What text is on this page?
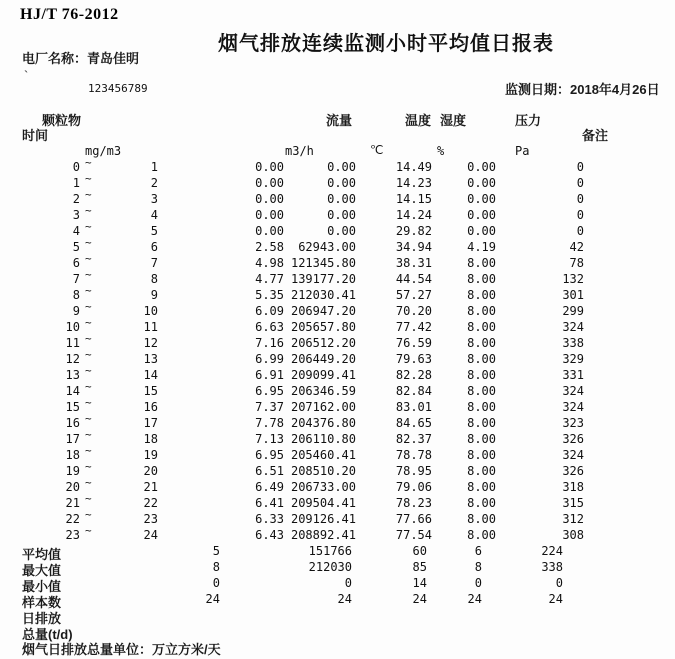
HJ/T 76-2012
烟气排放连续监测小时平均值日报表
电厂名称：青岛佳明
`
123456789	监测日期：2018年4月26日
颗粒物	流量	温度 湿度	压力
时间	备注
mg/m3	m3/h	℃	%	Pa
0 ~	1	0.00	0.00	14.49	0.00	0
1 ~	2	0.00	0.00	14.23	0.00	0
2 ~	3	0.00	0.00	14.15	0.00	0
3 ~	4	0.00	0.00	14.24	0.00	0
4 ~	5	0.00	0.00	29.82	0.00	0
5 ~	6	2.58	62943.00	34.94	4.19	42
6 ~	7	4.98 121345.80	38.31	8.00	78
7 ~	8	4.77 139177.20	44.54	8.00	132
8 ~	9	5.35 212030.41	57.27	8.00	301
9 ~	10	6.09 206947.20	70.20	8.00	299
10 ~	11	6.63 205657.80	77.42	8.00	324
11 ~	12	7.16 206512.20	76.59	8.00	338
12 ~	13	6.99 206449.20	79.63	8.00	329
13 ~	14	6.91 209099.41	82.28	8.00	331
14 ~	15	6.95 206346.59	82.84	8.00	324
15 ~	16	7.37 207162.00	83.01	8.00	324
16 ~	17	7.78 204376.80	84.65	8.00	323
17 ~	18	7.13 206110.80	82.37	8.00	326
18 ~	19	6.95 205460.41	78.78	8.00	324
19 ~	20	6.51 208510.20	78.95	8.00	326
20 ~	21	6.49 206733.00	79.06	8.00	318
21 ~	22	6.41 209504.41	78.23	8.00	315
22 ~	23	6.33 209126.41	77.66	8.00	312
23 ~	24	6.43 208892.41	77.54	8.00	308
平均值	5	151766	60	6	224
最大值	8	212030	85	8	338
最小值	0	0	14	0	0
样本数	24	24	24	24	24
日排放
总量(t/d)
烟气日排放总量单位：万立方米/天
